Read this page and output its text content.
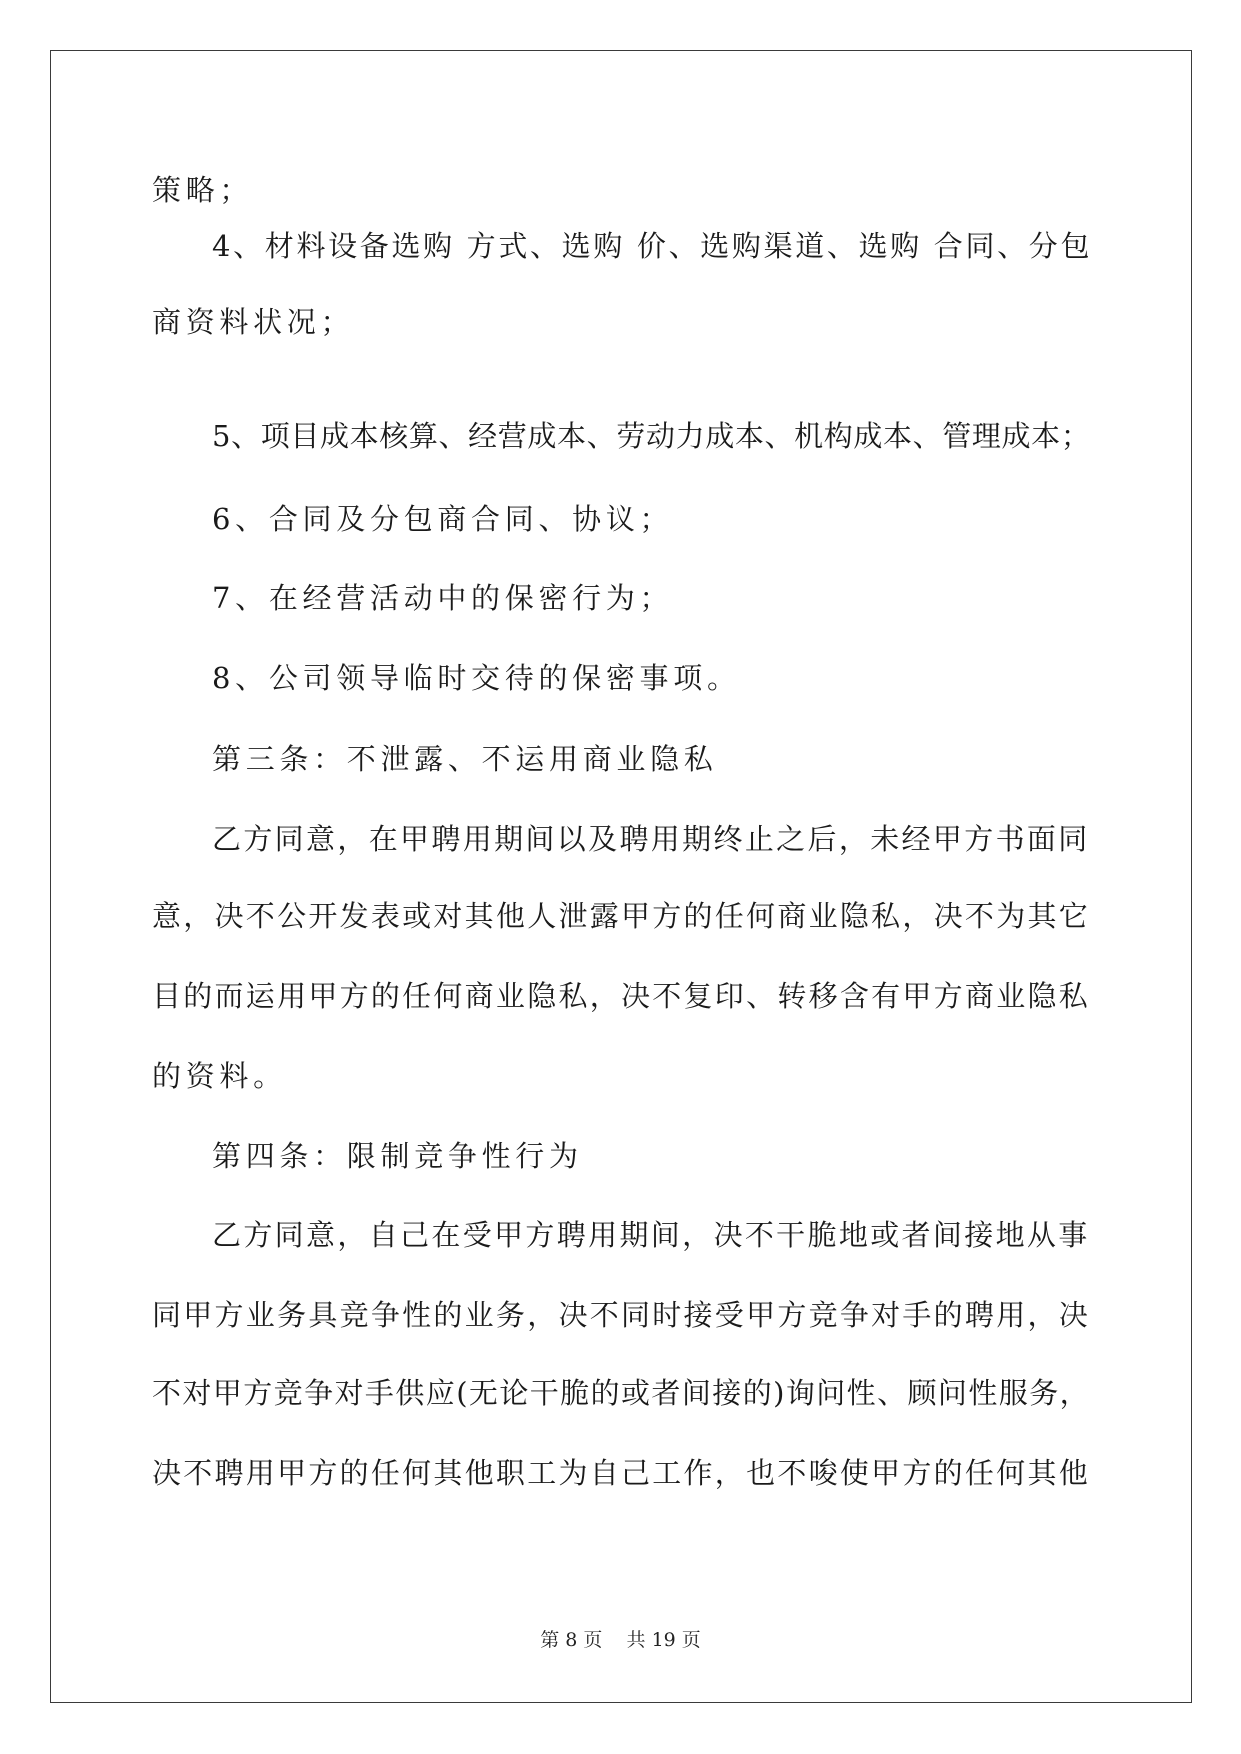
策略；
4、材料设备选购 方式、选购 价、选购渠道、选购 合同、分包
商资料状况；
5、项目成本核算、经营成本、劳动力成本、机构成本、管理成本；
6、合同及分包商合同、协议；
7、在经营活动中的保密行为；
8、公司领导临时交待的保密事项。
第三条：不泄露、不运用商业隐私
乙方同意，在甲聘用期间以及聘用期终止之后，未经甲方书面同
意，决不公开发表或对其他人泄露甲方的任何商业隐私，决不为其它
目的而运用甲方的任何商业隐私，决不复印、转移含有甲方商业隐私
的资料。
第四条：限制竞争性行为
乙方同意，自己在受甲方聘用期间，决不干脆地或者间接地从事
同甲方业务具竞争性的业务，决不同时接受甲方竞争对手的聘用，决
不对甲方竞争对手供应(无论干脆的或者间接的)询问性、顾问性服务，
决不聘用甲方的任何其他职工为自己工作，也不唆使甲方的任何其他
第 8 页    共 19 页
